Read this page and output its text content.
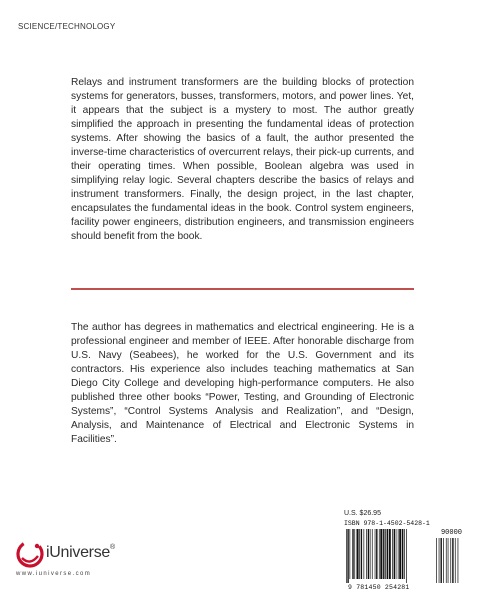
SCIENCE/TECHNOLOGY

Relays and instrument transformers are the building blocks of protection systems for generators, busses, transformers, motors, and power lines. Yet, it appears that the subject is a mystery to most. The author greatly simplified the approach in presenting the fundamental ideas of protection systems. After showing the basics of a fault, the author presented the inverse-time characteristics of overcurrent relays, their pick-up currents, and their operating times. When possible, Boolean algebra was used in simplifying relay logic. Several chapters describe the basics of relays and instrument transformers. Finally, the design project, in the last chapter, encapsulates the fundamental ideas in the book. Control system engineers, facility power engineers, distribution engineers, and transmission engineers should benefit from the book.

The author has degrees in mathematics and electrical engineering. He is a professional engineer and member of IEEE. After honorable discharge from U.S. Navy (Seabees), he worked for the U.S. Government and its contractors. His experience also includes teaching mathematics at San Diego City College and developing high-performance computers. He also published three other books “Power, Testing, and Grounding of Electronic Systems”, “Control Systems Analysis and Realization”, and “Design, Analysis, and Maintenance of Electrical and Electronic Systems in Facilities”.

iUniverse®
www.iuniverse.com
U.S. $26.95
ISBN 978-1-4502-5428-1
90000
9 781450 254281
